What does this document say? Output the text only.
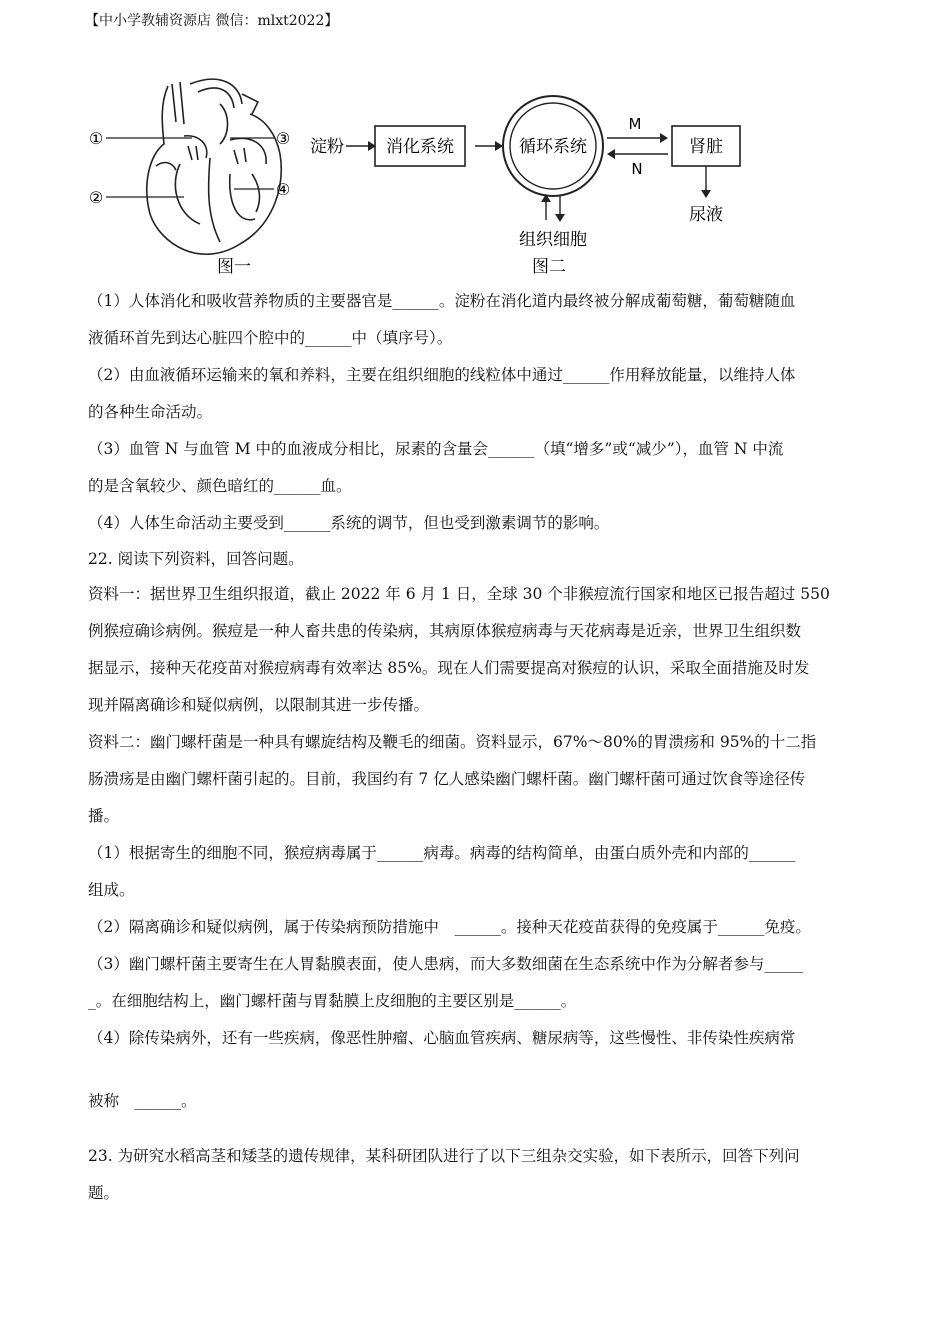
【中小学教辅资源店 微信：mlxt2022】
①
②
③
④
图一
淀粉 消化系统	循环系统
M
N
肾脏
尿液
组织细胞
图二

（1）人体消化和吸收营养物质的主要器官是______。淀粉在消化道内最终被分解成葡萄糖，葡萄糖随血

液循环首先到达心脏四个腔中的______中（填序号）。

（2）由血液循环运输来的氧和养料，主要在组织细胞的线粒体中通过______作用释放能量，以维持人体

的各种生命活动。

（3）血管 N 与血管 M 中的血液成分相比，尿素的含量会______（填“增多”或“减少”），血管 N 中流

的是含氧较少、颜色暗红的______血。

（4）人体生命活动主要受到______系统的调节，但也受到激素调节的影响。

22. 阅读下列资料，回答问题。

资料一：据世界卫生组织报道，截止 2022 年 6 月 1 日，全球 30 个非猴痘流行国家和地区已报告超过 550

例猴痘确诊病例。猴痘是一种人畜共患的传染病，其病原体猴痘病毒与天花病毒是近亲，世界卫生组织数

据显示，接种天花疫苗对猴痘病毒有效率达 85%。现在人们需要提高对猴痘的认识，采取全面措施及时发

现并隔离确诊和疑似病例，以限制其进一步传播。

资料二：幽门螺杆菌是一种具有螺旋结构及鞭毛的细菌。资料显示，67%～80%的胃溃疡和 95%的十二指

肠溃疡是由幽门螺杆菌引起的。目前，我国约有 7 亿人感染幽门螺杆菌。幽门螺杆菌可通过饮食等途径传

播。

（1）根据寄生的细胞不同，猴痘病毒属于______病毒。病毒的结构简单，由蛋白质外壳和内部的______

组成。

（2）隔离确诊和疑似病例，属于传染病预防措施中　______。接种天花疫苗获得的免疫属于______免疫。

（3）幽门螺杆菌主要寄生在人胃黏膜表面，使人患病，而大多数细菌在生态系统中作为分解者参与_____

_。在细胞结构上，幽门螺杆菌与胃黏膜上皮细胞的主要区别是______。

（4）除传染病外，还有一些疾病，像恶性肿瘤、心脑血管疾病、糖尿病等，这些慢性、非传染性疾病常

被称　______。

23. 为研究水稻高茎和矮茎的遗传规律，某科研团队进行了以下三组杂交实验，如下表所示，回答下列问

题。
